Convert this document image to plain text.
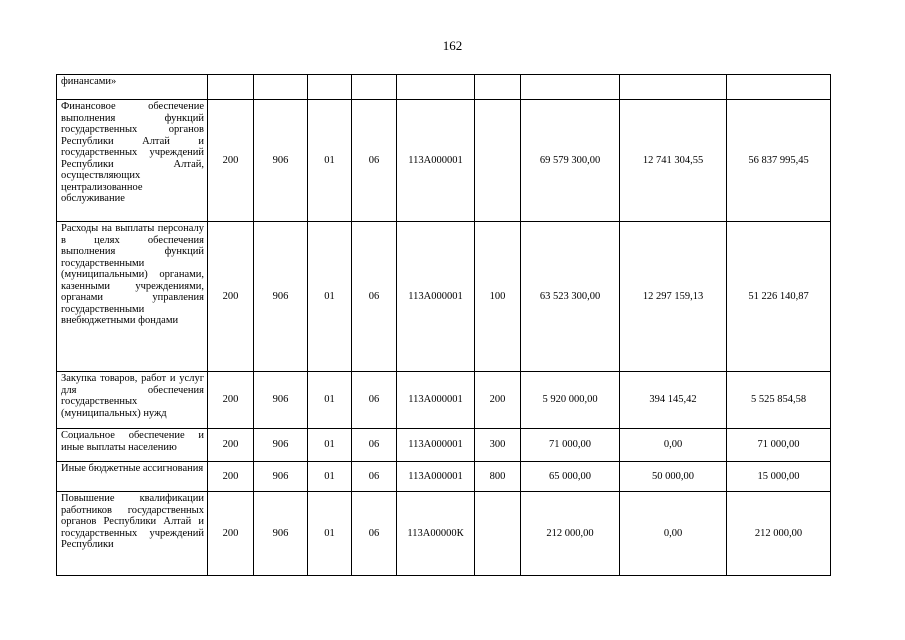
162
финансами»									
Финансовое обеспечение выполнения функций государственных органов Республики Алтай и государственных учреждений Республики Алтай, осуществляющих централизованное обслуживание	200	906	01	06	113А000001		69 579 300,00	12 741 304,55	56 837 995,45
Расходы на выплаты персоналу в целях обеспечения выполнения функций государственными (муниципальными) органами, казенными учреждениями, органами управления государственными внебюджетными фондами	200	906	01	06	113А000001	100	63 523 300,00	12 297 159,13	51 226 140,87
Закупка товаров, работ и услуг для обеспечения государственных (муниципальных) нужд	200	906	01	06	113А000001	200	5 920 000,00	394 145,42	5 525 854,58
Социальное обеспечение и иные выплаты населению	200	906	01	06	113А000001	300	71 000,00	0,00	71 000,00
Иные бюджетные ассигнования	200	906	01	06	113А000001	800	65 000,00	50 000,00	15 000,00
Повышение квалификации работников государственных органов Республики Алтай и государственных учреждений Республики	200	906	01	06	113А00000К		212 000,00	0,00	212 000,00
